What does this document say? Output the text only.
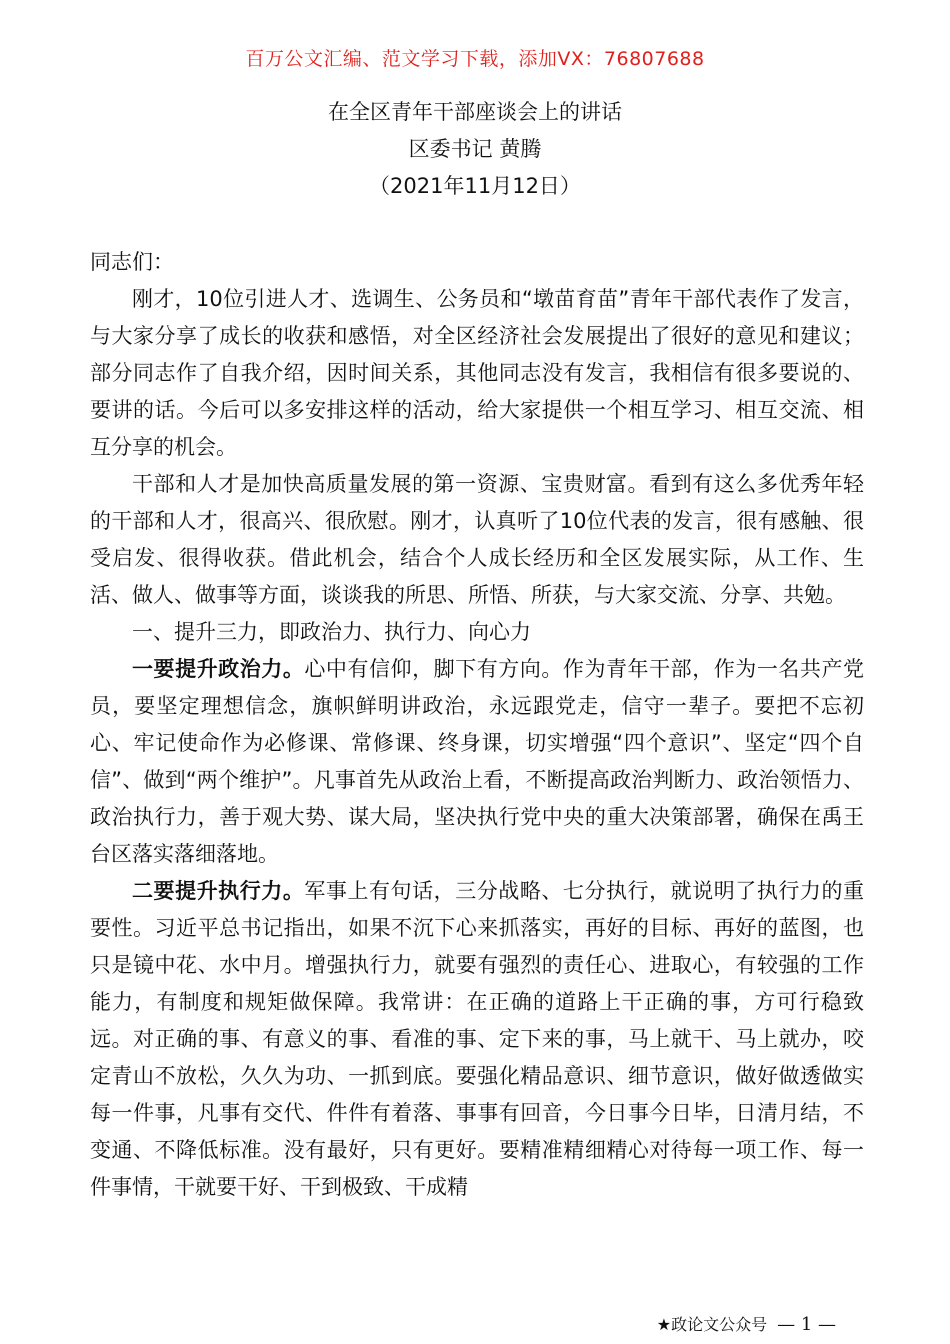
百万公文汇编、范文学习下载，添加VX：76807688
在全区青年干部座谈会上的讲话
区委书记 黄腾
（2021年11月12日）

同志们：

刚才，10位引进人才、选调生、公务员和“墩苗育苗”青年干部代表作了发言，与大家分享了成长的收获和感悟，对全区经济社会发展提出了很好的意见和建议；部分同志作了自我介绍，因时间关系，其他同志没有发言，我相信有很多要说的、要讲的话。今后可以多安排这样的活动，给大家提供一个相互学习、相互交流、相互分享的机会。

干部和人才是加快高质量发展的第一资源、宝贵财富。看到有这么多优秀年轻的干部和人才，很高兴、很欣慰。刚才，认真听了10位代表的发言，很有感触、很受启发、很得收获。借此机会，结合个人成长经历和全区发展实际，从工作、生活、做人、做事等方面，谈谈我的所思、所悟、所获，与大家交流、分享、共勉。

一、提升三力，即政治力、执行力、向心力

一要提升政治力。心中有信仰，脚下有方向。作为青年干部，作为一名共产党员，要坚定理想信念，旗帜鲜明讲政治，永远跟党走，信守一辈子。要把不忘初心、牢记使命作为必修课、常修课、终身课，切实增强“四个意识”、坚定“四个自信”、做到“两个维护”。凡事首先从政治上看，不断提高政治判断力、政治领悟力、政治执行力，善于观大势、谋大局，坚决执行党中央的重大决策部署，确保在禹王台区落实落细落地。

二要提升执行力。军事上有句话，三分战略、七分执行，就说明了执行力的重要性。习近平总书记指出，如果不沉下心来抓落实，再好的目标、再好的蓝图，也只是镜中花、水中月。增强执行力，就要有强烈的责任心、进取心，有较强的工作能力，有制度和规矩做保障。我常讲：在正确的道路上干正确的事，方可行稳致远。对正确的事、有意义的事、看准的事、定下来的事，马上就干、马上就办，咬定青山不放松，久久为功、一抓到底。要强化精品意识、细节意识，做好做透做实每一件事，凡事有交代、件件有着落、事事有回音，今日事今日毕，日清月结，不变通、不降低标准。没有最好，只有更好。要精准精细精心对待每一项工作、每一件事情，干就要干好、干到极致、干成精

★政论文公众号 — 1 —
